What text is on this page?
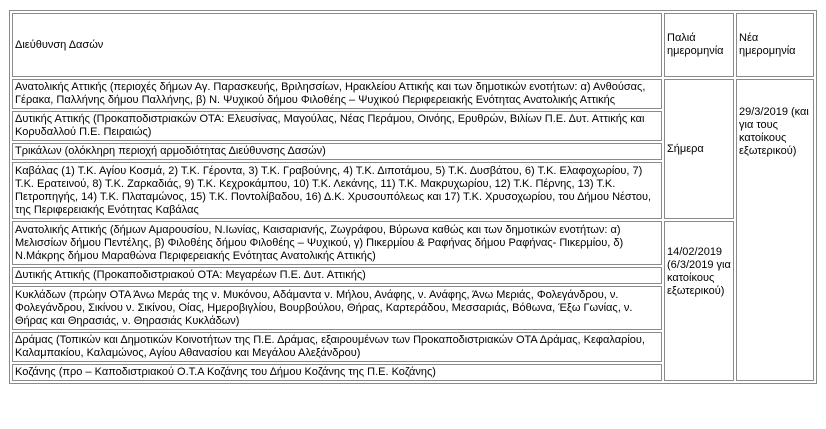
Διεύθυνση Δασών	Παλιά ημερομηνία	Νέα ημερομηνία
Ανατολικής Αττικής (περιοχές δήμων Αγ. Παρασκευής, Βριλησσίων, Ηρακλείου Αττικής και των δημοτικών ενοτήτων: α) Ανθούσας, Γέρακα, Παλλήνης δήμου Παλλήνης, β) Ν. Ψυχικού δήμου Φιλοθέης – Ψυχικού Περιφερειακής Ενότητας Ανατολικής Αττικής	Σήμερα	29/3/2019 (και για τους κατοίκους εξωτερικού)
Δυτικής Αττικής (Προκαποδιστριακών ΟΤΑ: Ελευσίνας, Μαγούλας, Νέας Περάμου, Οινόης, Ερυθρών, Βιλίων Π.Ε. Δυτ. Αττικής και Κορυδαλλού Π.Ε. Πειραιώς)		
Τρικάλων (ολόκληρη περιοχή αρμοδιότητας Διεύθυνσης Δασών)		
Καβάλας (1) Τ.Κ. Αγίου Κοσμά, 2) Τ.Κ. Γέροντα, 3) Τ.Κ. Γραβούνης, 4) Τ.Κ. Διποτάμου, 5) Τ.Κ. Δυσβάτου, 6) Τ.Κ. Ελαφοχωρίου, 7) Τ.Κ. Ερατεινού, 8) Τ.Κ. Ζαρκαδιάς, 9) Τ.Κ. Κεχροκάμπου, 10) Τ.Κ. Λεκάνης, 11) Τ.Κ. Μακρυχωρίου, 12) Τ.Κ. Πέρνης, 13) Τ.Κ. Πετροπηγής, 14) Τ.Κ. Πλαταμώνος, 15) Τ.Κ. Ποντολίβαδου, 16) Δ.Κ. Χρυσουπόλεως και 17) Τ.Κ. Χρυσοχωρίου, του Δήμου Νέστου, της Περιφερειακής Ενότητας Καβάλας		
Ανατολικής Αττικής (δήμων Αμαρουσίου, Ν.Ιωνίας, Καισαριανής, Ζωγράφου, Βύρωνα καθώς και των δημοτικών ενοτήτων: α) Μελισσίων δήμου Πεντέλης, β) Φιλοθέης δήμου Φιλοθέης – Ψυχικού, γ) Πικερμίου & Ραφήνας δήμου Ραφήνας- Πικερμίου, δ) Ν.Μάκρης δήμου Μαραθώνα Περιφερειακής Ενότητας Ανατολικής Αττικής)	14/02/2019 (6/3/2019 για κατοίκους εξωτερικού)	
Δυτικής Αττικής (Προκαποδιστριακού ΟΤΑ: Μεγαρέων Π.Ε. Δυτ. Αττικής)		
Κυκλάδων (πρώην ΟΤΑ Άνω Μεράς της ν. Μυκόνου, Αδάμαντα ν. Μήλου, Ανάφης, ν. Ανάφης, Άνω Μεριάς, Φολεγάνδρου, ν. Φολεγάνδρου, Σικίνου ν. Σικίνου, Οίας, Ημεροβιγλίου, Βουρβούλου, Θήρας, Καρτεράδου, Μεσσαριάς, Βόθωνα, Έξω Γωνίας, ν. Θήρας και Θηρασιάς, ν. Θηρασιάς Κυκλάδων)		
Δράμας (Τοπικών και Δημοτικών Κοινοτήτων της Π.Ε. Δράμας, εξαιρουμένων των Προκαποδιστριακών ΟΤΑ Δράμας, Κεφαλαρίου, Καλαμπακίου, Καλαμώνος, Αγίου Αθανασίου και Μεγάλου Αλεξάνδρου)		
Κοζάνης (προ – Καποδιστριακού Ο.Τ.Α Κοζάνης του Δήμου Κοζάνης της Π.Ε. Κοζάνης)		
